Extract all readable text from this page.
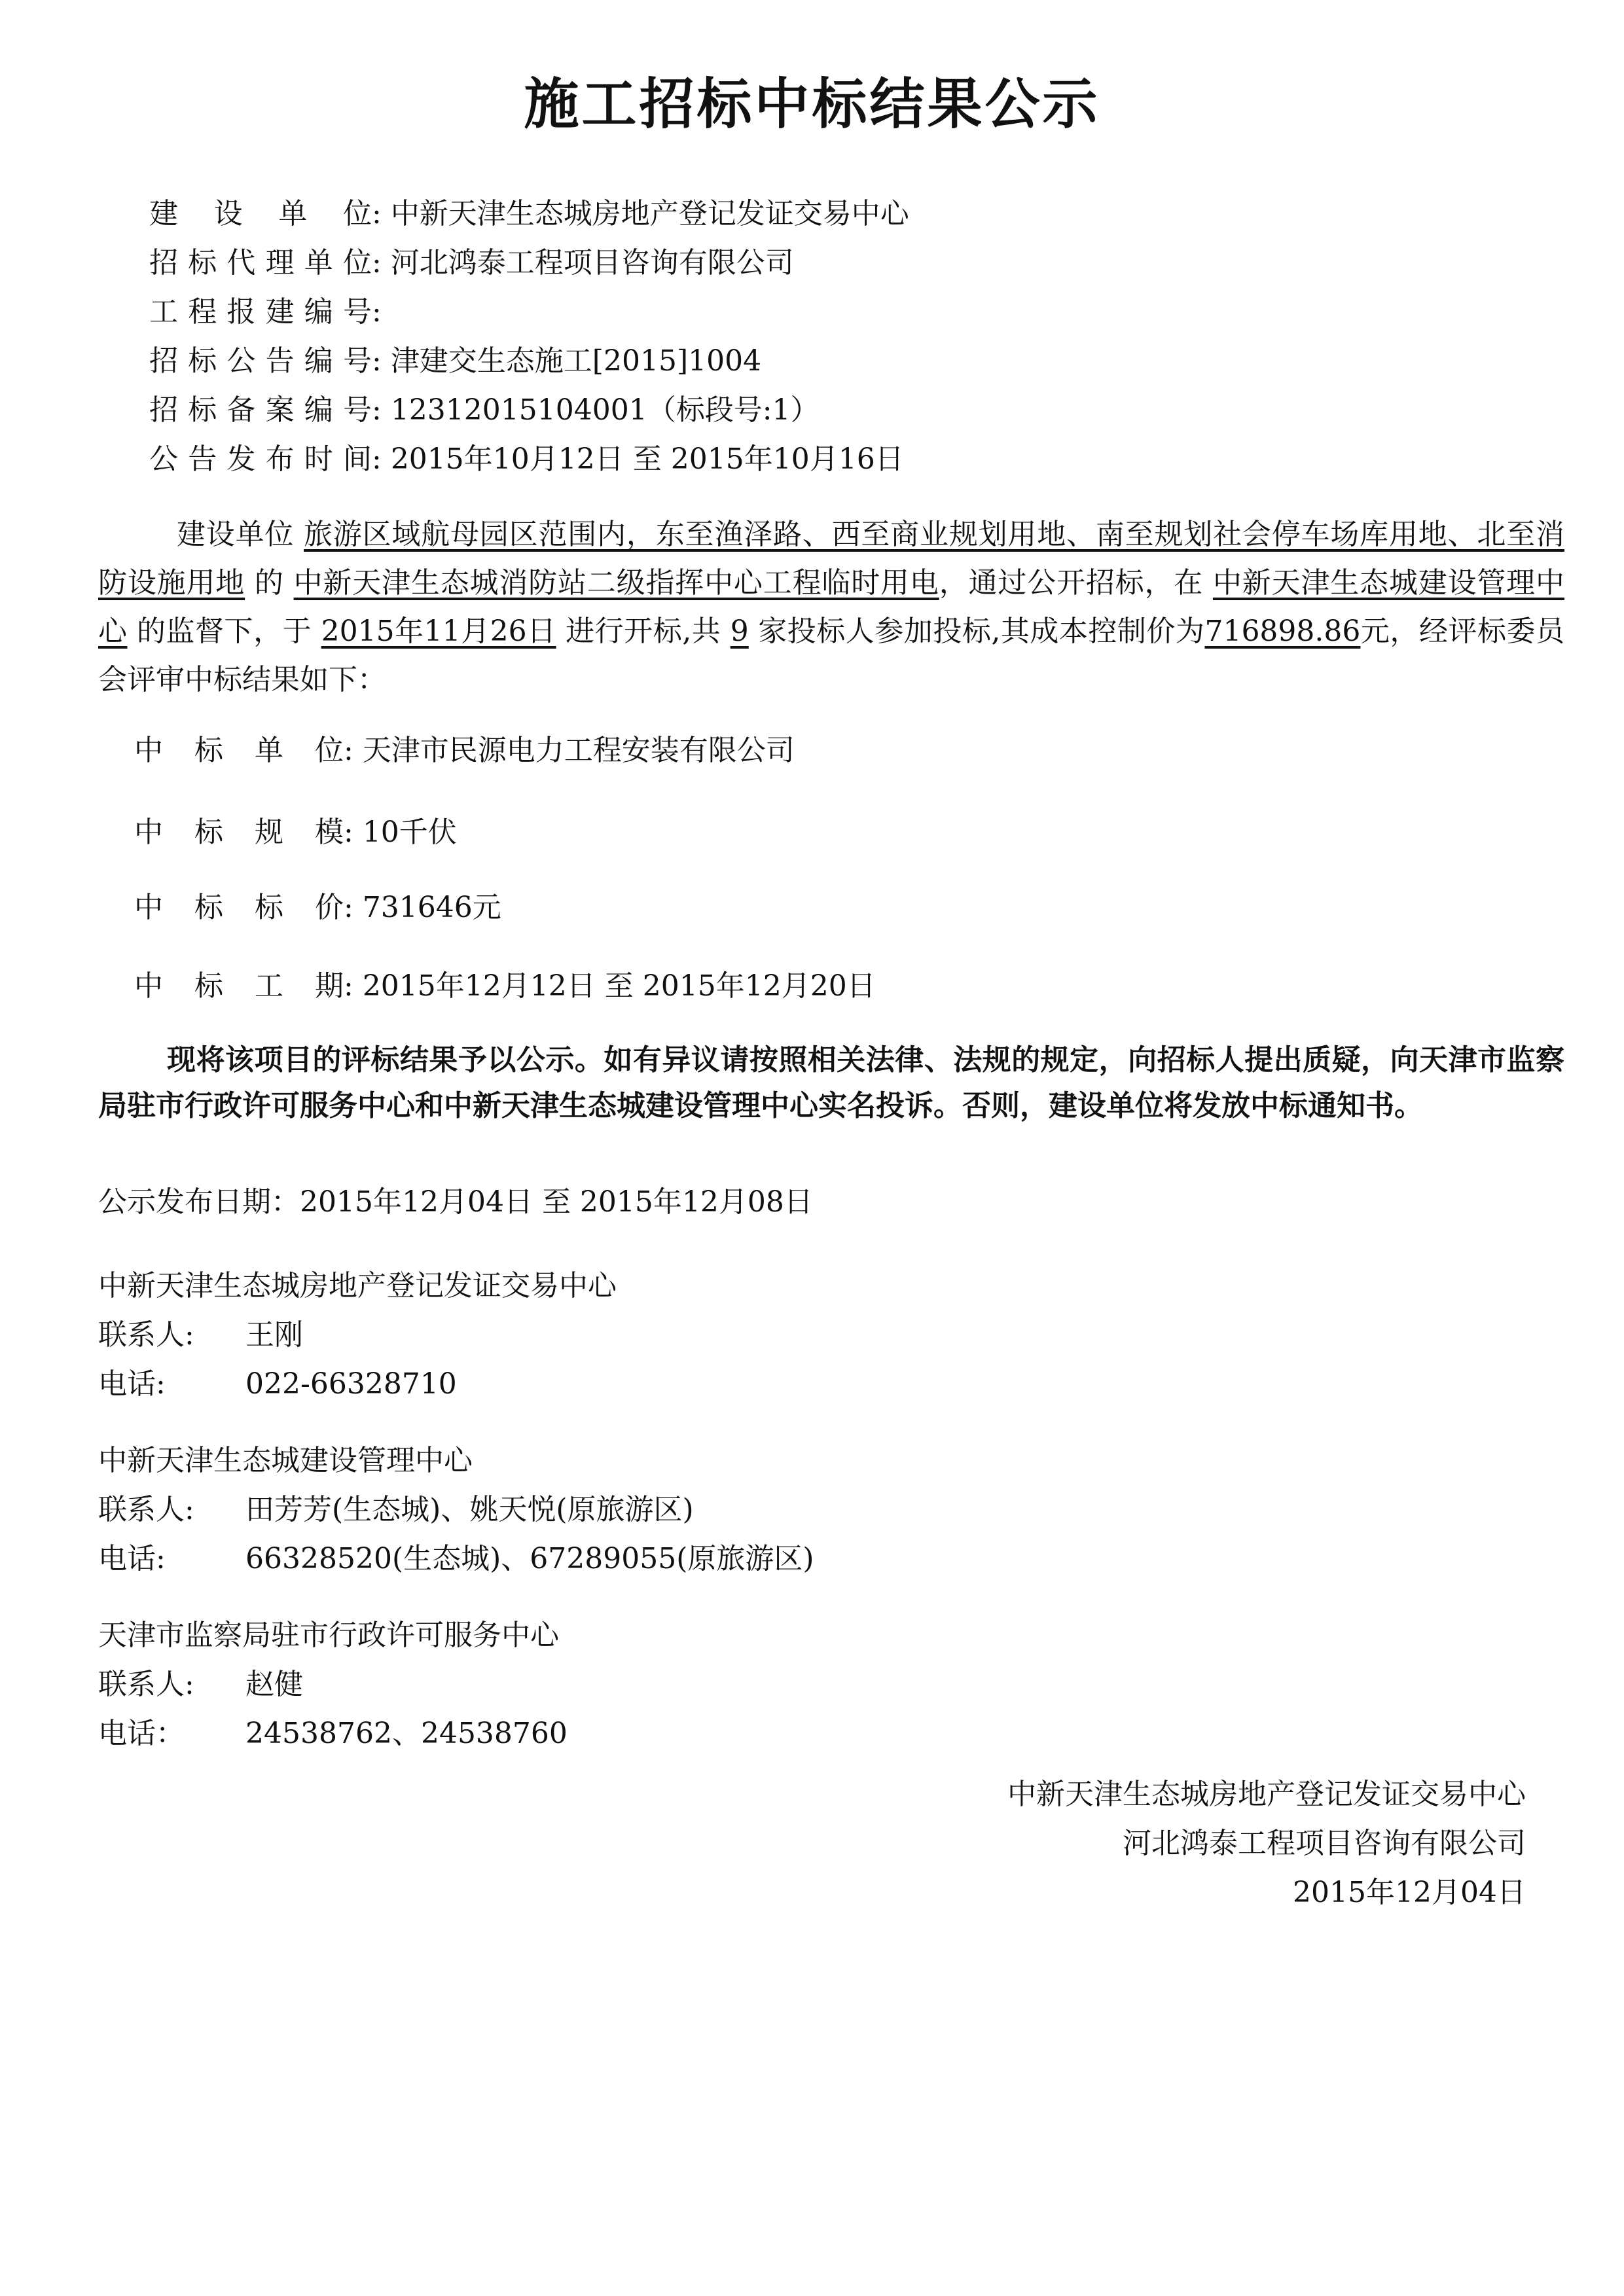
施工招标中标结果公示
建设单位: 中新天津生态城房地产登记发证交易中心
招标代理单位: 河北鸿泰工程项目咨询有限公司
工程报建编号:
招标公告编号: 津建交生态施工[2015]1004
招标备案编号: 12312015104001（标段号:1）
公告发布时间: 2015年10月12日 至 2015年10月16日
建设单位 旅游区域航母园区范围内，东至渔泽路、西至商业规划用地、南至规划社会停车场库用地、北至消防设施用地 的 中新天津生态城消防站二级指挥中心工程临时用电，通过公开招标，在 中新天津生态城建设管理中心 的监督下，于 2015年11月26日 进行开标,共 9 家投标人参加投标,其成本控制价为716898.86元，经评标委员会评审中标结果如下：
中标单位: 天津市民源电力工程安装有限公司
中标规模: 10千伏
中标标价: 731646元
中标工期: 2015年12月12日 至 2015年12月20日
现将该项目的评标结果予以公示。如有异议请按照相关法律、法规的规定，向招标人提出质疑，向天津市监察局驻市行政许可服务中心和中新天津生态城建设管理中心实名投诉。否则，建设单位将发放中标通知书。
公示发布日期：2015年12月04日 至 2015年12月08日
中新天津生态城房地产登记发证交易中心
联系人: 王刚
电话:	022-66328710
中新天津生态城建设管理中心
联系人: 田芳芳(生态城)、姚天悦(原旅游区)
电话:	66328520(生态城)、67289055(原旅游区)
天津市监察局驻市行政许可服务中心
联系人: 赵健
电话： 24538762、24538760
中新天津生态城房地产登记发证交易中心
河北鸿泰工程项目咨询有限公司
2015年12月04日
